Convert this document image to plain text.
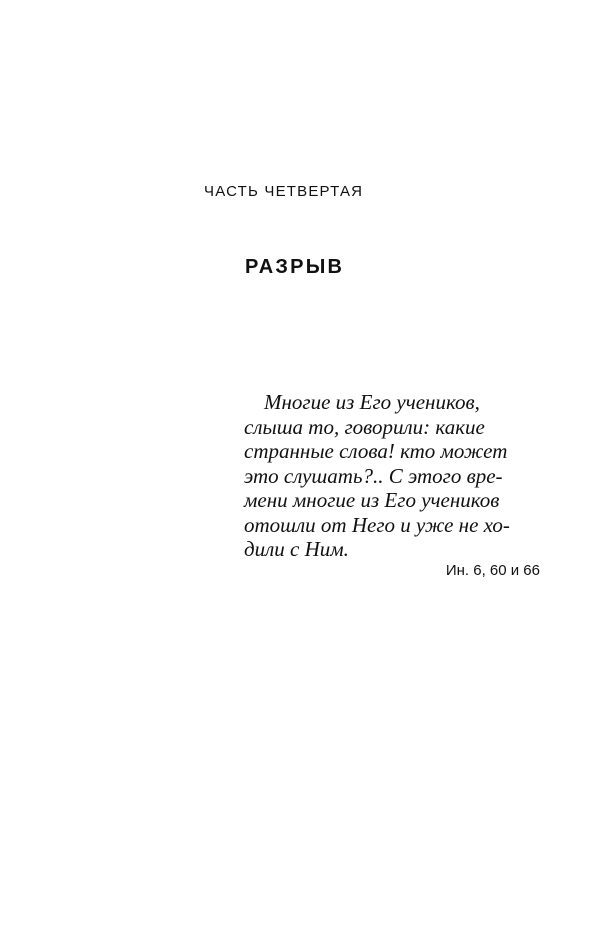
ЧАСТЬ ЧЕТВЕРТАЯ
РАЗРЫВ
Многие из Его учеников,
слыша то, говорили: какие
странные слова! кто может
это слушать?.. С этого вре-
мени многие из Его учеников
отошли от Него и уже не хо-
дили с Ним.
Ин. 6, 60 и 66
